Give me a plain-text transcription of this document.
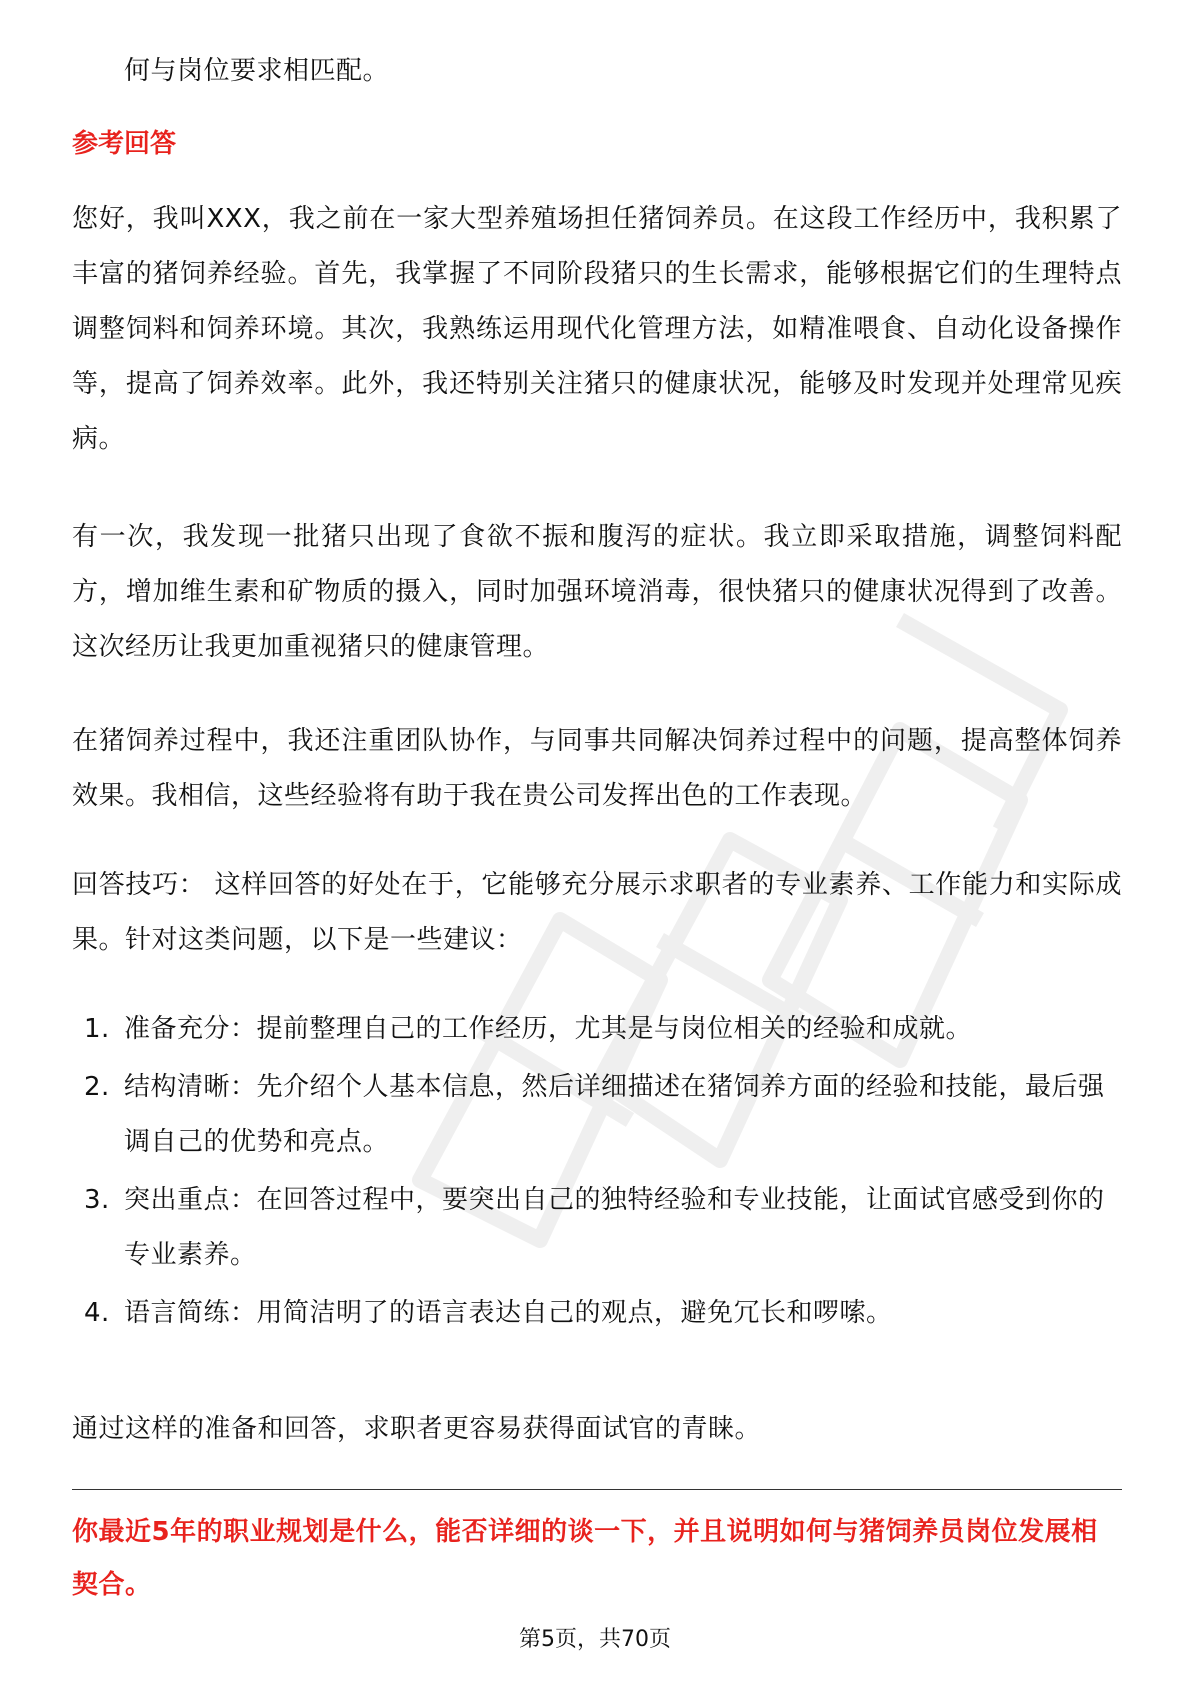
何与岗位要求相匹配。

参考回答

您好，我叫XXX，我之前在一家大型养殖场担任猪饲养员。在这段工作经历中，我积累了丰富的猪饲养经验。首先，我掌握了不同阶段猪只的生长需求，能够根据它们的生理特点调整饲料和饲养环境。其次，我熟练运用现代化管理方法，如精准喂食、自动化设备操作等，提高了饲养效率。此外，我还特别关注猪只的健康状况，能够及时发现并处理常见疾病。

有一次，我发现一批猪只出现了食欲不振和腹泻的症状。我立即采取措施，调整饲料配方，增加维生素和矿物质的摄入，同时加强环境消毒，很快猪只的健康状况得到了改善。这次经历让我更加重视猪只的健康管理。

在猪饲养过程中，我还注重团队协作，与同事共同解决饲养过程中的问题，提高整体饲养效果。我相信，这些经验将有助于我在贵公司发挥出色的工作表现。

回答技巧： 这样回答的好处在于，它能够充分展示求职者的专业素养、工作能力和实际成果。针对这类问题，以下是一些建议：

1. 准备充分：提前整理自己的工作经历，尤其是与岗位相关的经验和成就。
2. 结构清晰：先介绍个人基本信息，然后详细描述在猪饲养方面的经验和技能，最后强调自己的优势和亮点。
3. 突出重点：在回答过程中，要突出自己的独特经验和专业技能，让面试官感受到你的专业素养。
4. 语言简练：用简洁明了的语言表达自己的观点，避免冗长和啰嗦。

通过这样的准备和回答，求职者更容易获得面试官的青睐。

你最近5年的职业规划是什么，能否详细的谈一下，并且说明如何与猪饲养员岗位发展相契合。

第5页，共70页
